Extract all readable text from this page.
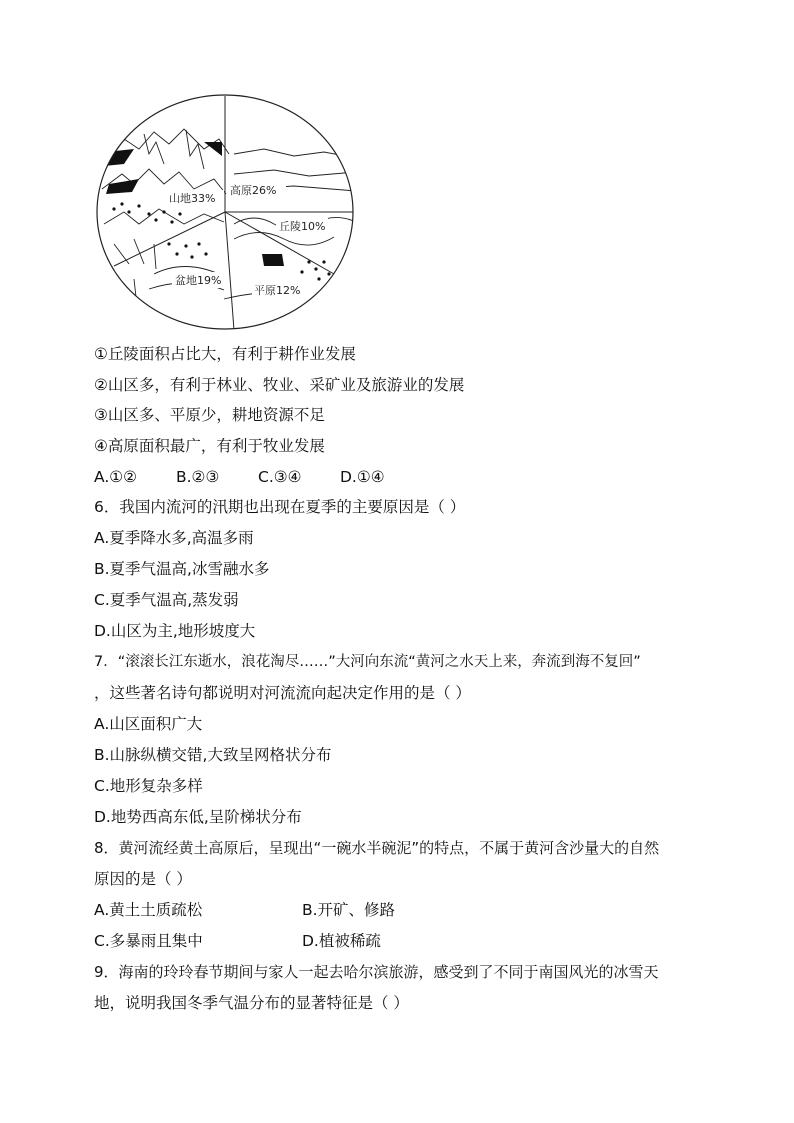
山地33%
高原26%
丘陵10%
盆地19%
平原12%
①丘陵面积占比大，有利于耕作业发展
②山区多，有利于林业、牧业、采矿业及旅游业的发展
③山区多、平原少，耕地资源不足
④高原面积最广，有利于牧业发展
A.①②	B.②③ C.③④ D.①④
6．我国内流河的汛期也出现在夏季的主要原因是（ ）
A.夏季降水多,高温多雨
B.夏季气温高,冰雪融水多
C.夏季气温高,蒸发弱
D.山区为主,地形坡度大
7．“滚滚长江东逝水，浪花淘尽……”大河向东流“黄河之水天上来，奔流到海不复回”
，这些著名诗句都说明对河流流向起决定作用的是（ ）
A.山区面积广大
B.山脉纵横交错,大致呈网格状分布
C.地形复杂多样
D.地势西高东低,呈阶梯状分布
8．黄河流经黄土高原后，呈现出“一碗水半碗泥”的特点，不属于黄河含沙量大的自然
原因的是（ ）
A.黄土土质疏松	B.开矿、修路
C.多暴雨且集中	D.植被稀疏
9．海南的玲玲春节期间与家人一起去哈尔滨旅游，感受到了不同于南国风光的冰雪天
地，说明我国冬季气温分布的显著特征是（ ）
